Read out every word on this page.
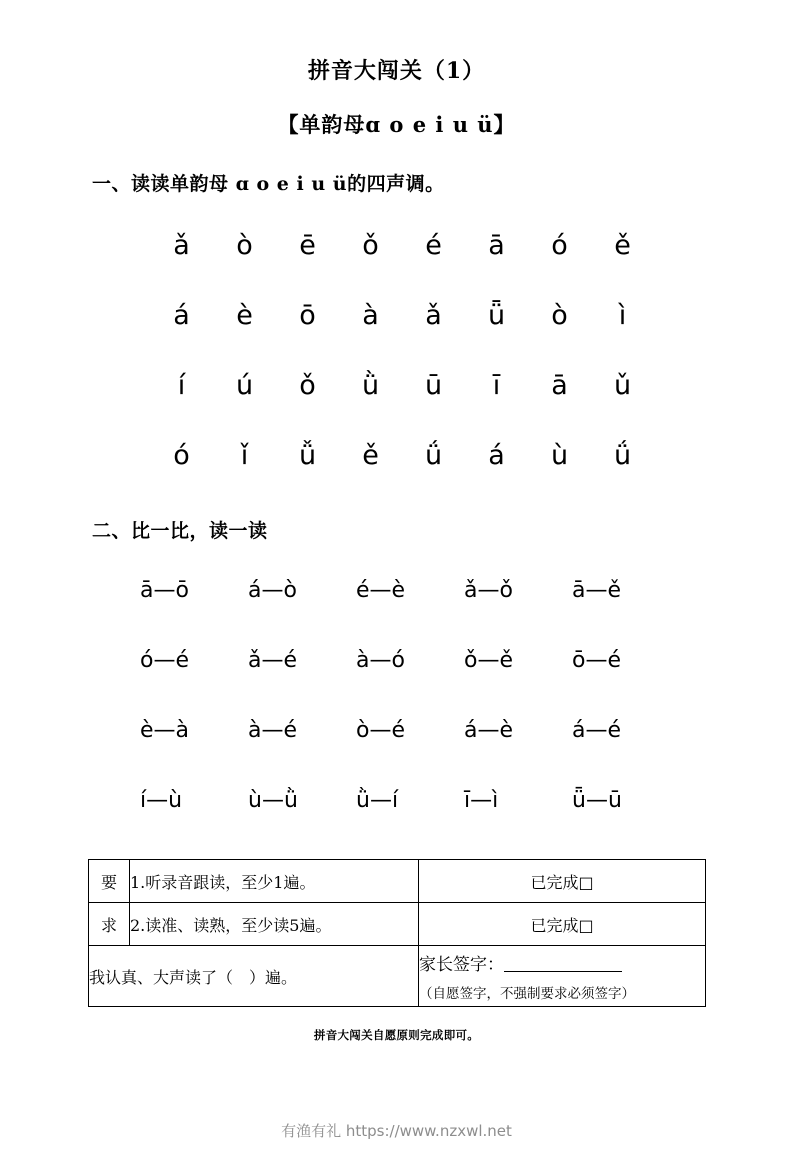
拼音大闯关（1）
【单韵母ɑ o e i u ü】
一、读读单韵母 ɑ o e i u ü的四声调。
ǎ	ò	ē	ǒ	é	ā	ó	ě
á	è	ō	à	ǎ	ǖ	ò	ì
í	ú	ǒ	ǜ	ū	ī	ā	ǔ
ó	ǐ	ǚ	ě	ǘ	á	ù	ǘ
二、比一比，读一读
ā—ō	á—ò	é—è	ǎ—ǒ	ā—ě
ó—é	ǎ—é	à—ó	ǒ—ě	ō—é
è—à	à—é	ò—é	á—è	á—é
í—ù	ù—ǜ	ǜ—í	ī—ì	ǖ—ū
要	1.听录音跟读，至少1遍。	已完成□
求	2.读准、读熟，至少读5遍。	已完成□
我认真、大声读了（　）遍。		家长签字：
（自愿签字，不强制要求必须签字）
拼音大闯关自愿原则完成即可。
有渔有礼 https://www.nzxwl.net
